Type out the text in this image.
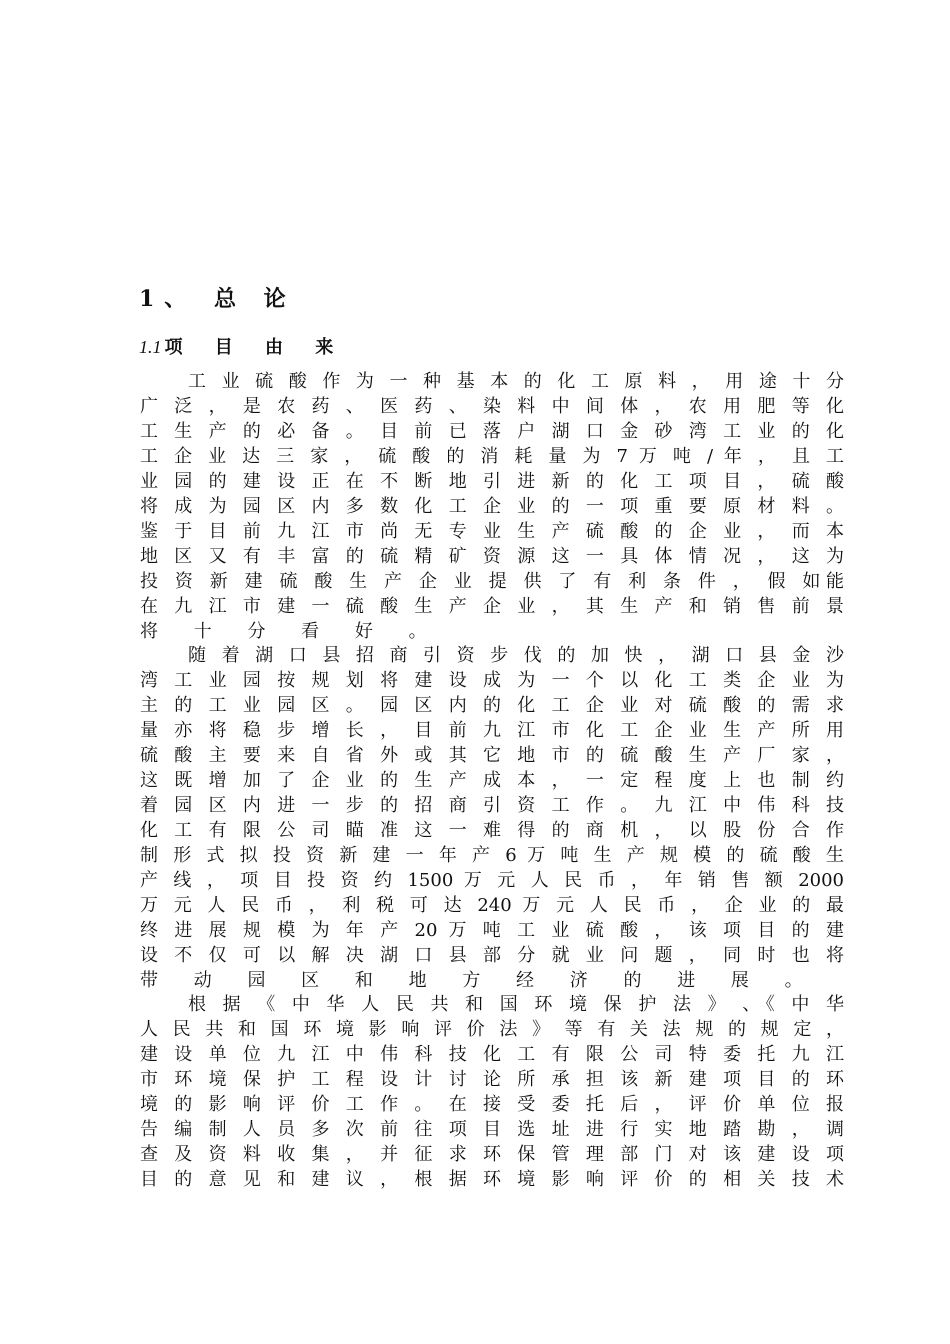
1、 总 论
1.1 项 目 由 来
工 业 硫 酸 作 为 一 种 基 本 的 化 工 原 料 ， 用 途 十 分
广 泛 ， 是 农 药 、 医 药 、 染 料 中 间 体 ， 农 用 肥 等 化
工 生 产 的 必 备 。 目 前 已 落 户 湖 口 金 砂 湾 工 业 的 化
工 企 业 达 三 家 ， 硫 酸 的 消 耗 量 为 7 万 吨 / 年 ， 且 工
业 园 的 建 设 正 在 不 断 地 引 进 新 的 化 工 项 目 ， 硫 酸
将 成 为 园 区 内 多 数 化 工 企 业 的 一 项 重 要 原 材 料 。
鉴 于 目 前 九 江 市 尚 无 专 业 生 产 硫 酸 的 企 业 ， 而 本
地 区 又 有 丰 富 的 硫 精 矿 资 源 这 一 具 体 情 况 ， 这 为
投 资 新 建 硫 酸 生 产 企 业 提 供 了 有 利 条 件 ， 假 如能
在 九 江 市 建 一 硫 酸 生 产 企 业 ， 其 生 产 和 销 售 前 景
将 十 分 看 好 。
随 着 湖 口 县 招 商 引 资 步 伐 的 加 快 ， 湖 口 县 金 沙
湾 工 业 园 按 规 划 将 建 设 成 为 一 个 以 化 工 类 企 业 为
主 的 工 业 园 区 。 园 区 内 的 化 工 企 业 对 硫 酸 的 需 求
量 亦 将 稳 步 增 长 ， 目 前 九 江 市 化 工 企 业 生 产 所 用
硫 酸 主 要 来 自 省 外 或 其 它 地 市 的 硫 酸 生 产 厂 家 ，
这 既 增 加 了 企 业 的 生 产 成 本 ， 一 定 程 度 上 也 制 约
着 园 区 内 进 一 步 的 招 商 引 资 工 作 。 九 江 中 伟 科 技
化 工 有 限 公 司 瞄 准 这 一 难 得 的 商 机 ， 以 股 份 合 作
制 形 式 拟 投 资 新 建 一 年 产 6 万 吨 生 产 规 模 的 硫 酸 生
产 线 ， 项 目 投 资 约 1500 万 元 人 民 币 ， 年 销 售 额 2000
万 元 人 民 币 ， 利 税 可 达 240 万 元 人 民 币 ， 企 业 的 最
终 进 展 规 模 为 年 产 20 万 吨 工 业 硫 酸 ， 该 项 目 的 建
设 不 仅 可 以 解 决 湖 口 县 部 分 就 业 问 题 ， 同 时 也 将
带 动 园 区 和 地 方 经 济 的 进 展 。
根 据 《 中 华 人 民 共 和 国 环 境 保 护 法 》 、《 中 华
人 民 共 和 国 环 境 影 响 评 价 法 》 等 有 关 法 规 的 规 定 ，
建 设 单 位 九 江 中 伟 科 技 化 工 有 限 公 司 特 委 托 九 江
市 环 境 保 护 工 程 设 计 讨 论 所 承 担 该 新 建 项 目 的 环
境 的 影 响 评 价 工 作 。 在 接 受 委 托 后 ， 评 价 单 位 报
告 编 制 人 员 多 次 前 往 项 目 选 址 进 行 实 地 踏 勘 ， 调
查 及 资 料 收 集 ， 并 征 求 环 保 管 理 部 门 对 该 建 设 项
目 的 意 见 和 建 议 ， 根 据 环 境 影 响 评 价 的 相 关 技 术
